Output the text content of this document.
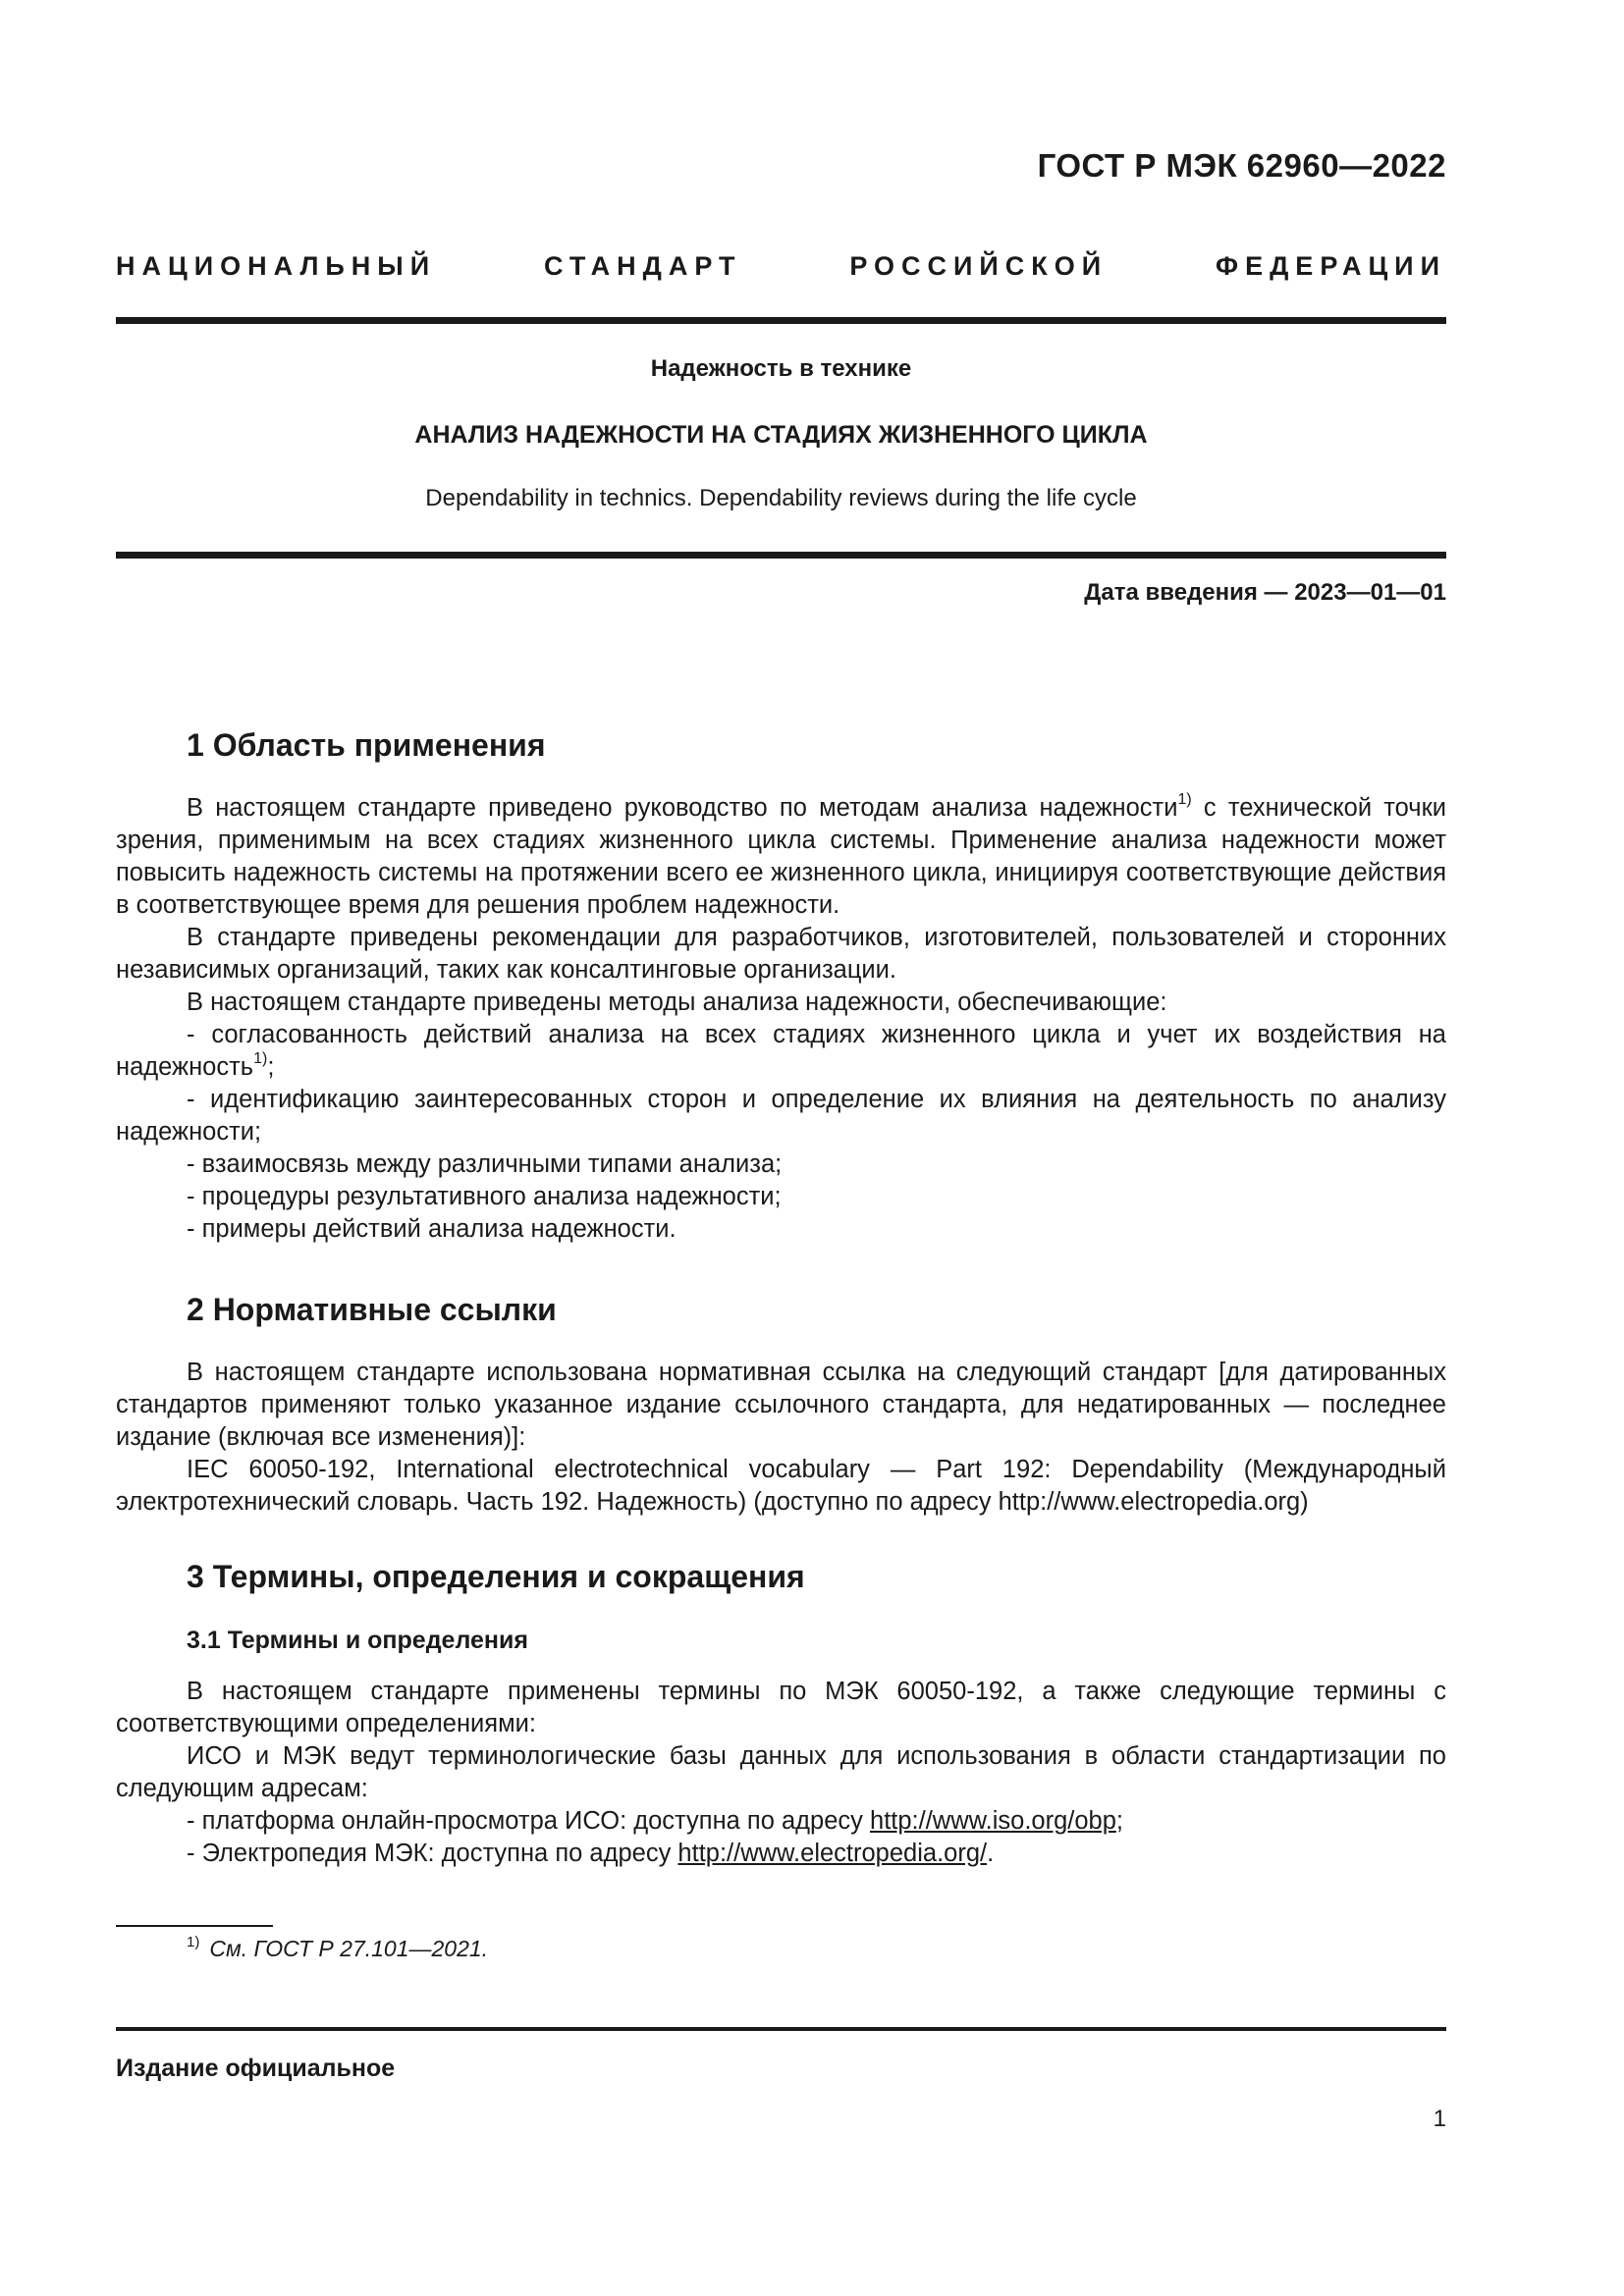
ГОСТ Р МЭК 62960—2022
НАЦИОНАЛЬНЫЙ СТАНДАРТ РОССИЙСКОЙ ФЕДЕРАЦИИ
Надежность в технике
АНАЛИЗ НАДЕЖНОСТИ НА СТАДИЯХ ЖИЗНЕННОГО ЦИКЛА
Dependability in technics. Dependability reviews during the life cycle
Дата введения — 2023—01—01
1 Область применения

В настоящем стандарте приведено руководство по методам анализа надежности$^{1)}$ с технической точки зрения, применимым на всех стадиях жизненного цикла системы. Применение анализа надежности может повысить надежность системы на протяжении всего ее жизненного цикла, инициируя соответствующие действия в соответствующее время для решения проблем надежности.

В стандарте приведены рекомендации для разработчиков, изготовителей, пользователей и сторонних независимых организаций, таких как консалтинговые организации.

В настоящем стандарте приведены методы анализа надежности, обеспечивающие:

- согласованность действий анализа на всех стадиях жизненного цикла и учет их воздействия на надежность$^{1)}$;

- идентификацию заинтересованных сторон и определение их влияния на деятельность по анализу надежности;

- взаимосвязь между различными типами анализа;

- процедуры результативного анализа надежности;

- примеры действий анализа надежности.

2 Нормативные ссылки

В настоящем стандарте использована нормативная ссылка на следующий стандарт [для датированных стандартов применяют только указанное издание ссылочного стандарта, для недатированных — последнее издание (включая все изменения)]:

IEC 60050-192, International electrotechnical vocabulary — Part 192: Dependability (Международный электротехнический словарь. Часть 192. Надежность) (доступно по адресу http://www.electropedia.org)

3 Термины, определения и сокращения
3.1 Термины и определения

В настоящем стандарте применены термины по МЭК 60050-192, а также следующие термины с соответствующими определениями:

ИСО и МЭК ведут терминологические базы данных для использования в области стандартизации по следующим адресам:

- платформа онлайн-просмотра ИСО: доступна по адресу http://www.iso.org/obp;

- Электропедия МЭК: доступна по адресу http://www.electropedia.org/.

$^{1)}$ См. ГОСТ Р 27.101—2021.
Издание официальное
1
